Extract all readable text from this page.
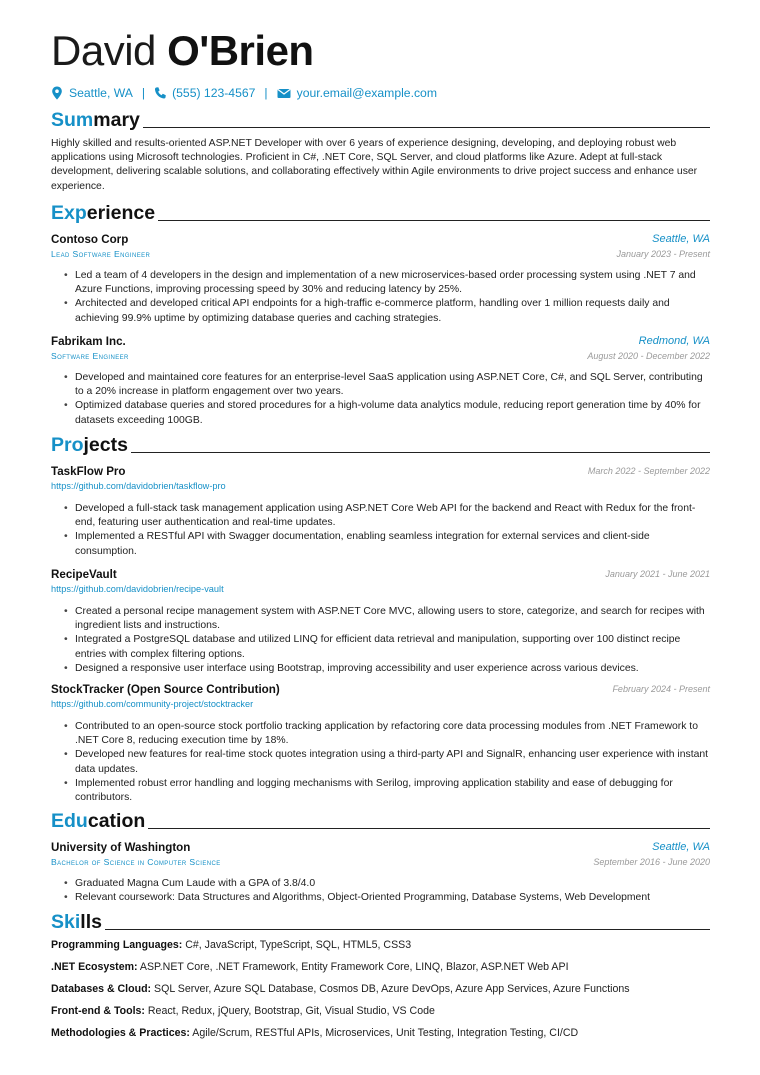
David O'Brien
Seattle, WA | (555) 123-4567 | your.email@example.com
Summary
Highly skilled and results-oriented ASP.NET Developer with over 6 years of experience designing, developing, and deploying robust web applications using Microsoft technologies. Proficient in C#, .NET Core, SQL Server, and cloud platforms like Azure. Adept at full-stack development, delivering scalable solutions, and collaborating effectively within Agile environments to drive project success and enhance user experience.
Experience
Contoso Corp	Seattle, WA
Lead Software Engineer	January 2023 - Present
• Led a team of 4 developers in the design and implementation of a new microservices-based order processing system using .NET 7 and Azure Functions, improving processing speed by 30% and reducing latency by 25%.
• Architected and developed critical API endpoints for a high-traffic e-commerce platform, handling over 1 million requests daily and achieving 99.9% uptime by optimizing database queries and caching strategies.
Fabrikam Inc.	Redmond, WA
Software Engineer	August 2020 - December 2022
• Developed and maintained core features for an enterprise-level SaaS application using ASP.NET Core, C#, and SQL Server, contributing to a 20% increase in platform engagement over two years.
• Optimized database queries and stored procedures for a high-volume data analytics module, reducing report generation time by 40% for datasets exceeding 100GB.
Projects
TaskFlow Pro	March 2022 - September 2022
https://github.com/davidobrien/taskflow-pro
• Developed a full-stack task management application using ASP.NET Core Web API for the backend and React with Redux for the front-end, featuring user authentication and real-time updates.
• Implemented a RESTful API with Swagger documentation, enabling seamless integration for external services and client-side consumption.
RecipeVault	January 2021 - June 2021
https://github.com/davidobrien/recipe-vault
• Created a personal recipe management system with ASP.NET Core MVC, allowing users to store, categorize, and search for recipes with ingredient lists and instructions.
• Integrated a PostgreSQL database and utilized LINQ for efficient data retrieval and manipulation, supporting over 100 distinct recipe entries with complex filtering options.
• Designed a responsive user interface using Bootstrap, improving accessibility and user experience across various devices.
StockTracker (Open Source Contribution)	February 2024 - Present
https://github.com/community-project/stocktracker
• Contributed to an open-source stock portfolio tracking application by refactoring core data processing modules from .NET Framework to .NET Core 8, reducing execution time by 18%.
• Developed new features for real-time stock quotes integration using a third-party API and SignalR, enhancing user experience with instant data updates.
• Implemented robust error handling and logging mechanisms with Serilog, improving application stability and ease of debugging for contributors.
Education
University of Washington	Seattle, WA
Bachelor of Science in Computer Science	September 2016 - June 2020
• Graduated Magna Cum Laude with a GPA of 3.8/4.0
• Relevant coursework: Data Structures and Algorithms, Object-Oriented Programming, Database Systems, Web Development
Skills
Programming Languages: C#, JavaScript, TypeScript, SQL, HTML5, CSS3
.NET Ecosystem: ASP.NET Core, .NET Framework, Entity Framework Core, LINQ, Blazor, ASP.NET Web API
Databases & Cloud: SQL Server, Azure SQL Database, Cosmos DB, Azure DevOps, Azure App Services, Azure Functions
Front-end & Tools: React, Redux, jQuery, Bootstrap, Git, Visual Studio, VS Code
Methodologies & Practices: Agile/Scrum, RESTful APIs, Microservices, Unit Testing, Integration Testing, CI/CD
